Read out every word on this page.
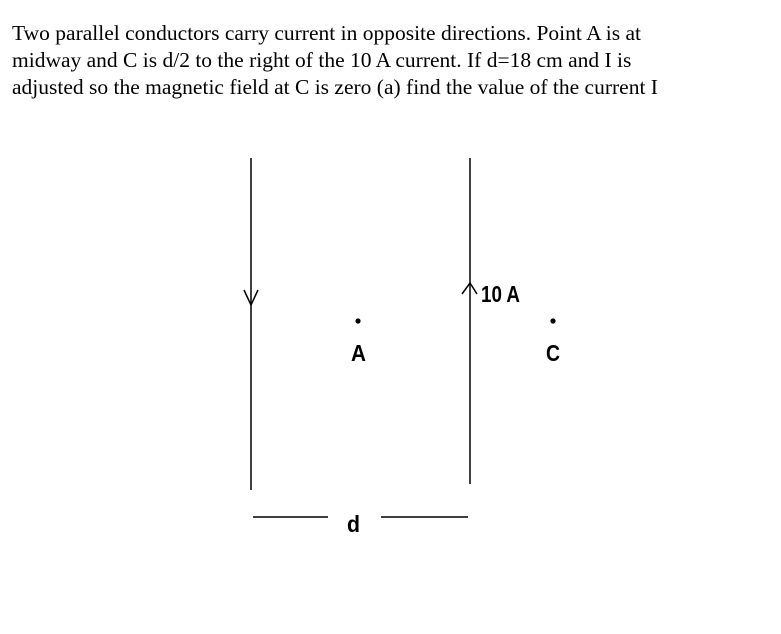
Two parallel conductors carry current in opposite directions. Point A is at
midway and C is d/2 to the right of the 10 A current. If d=18 cm and I is
adjusted so the magnetic field at C is zero (a) find the value of the current I

10 A
A	C
d
